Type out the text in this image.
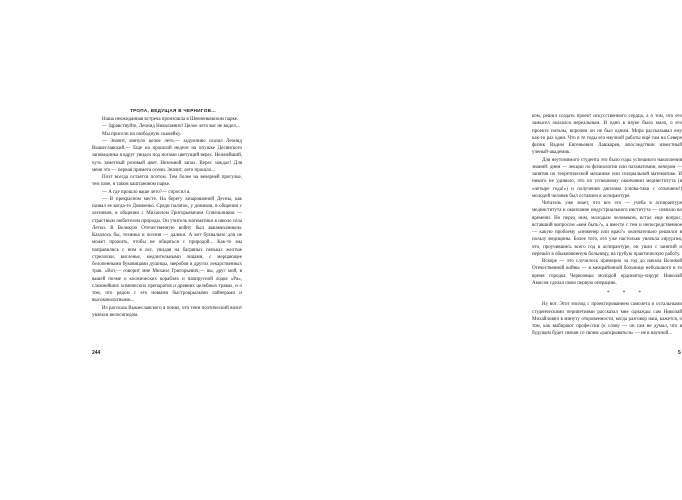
ТРОПА, ВЕДУЩАЯ В ЧЕРНИГОВ...

Наша неожиданная встреча произошла в Шевченковском парке.

— Здравствуйте, Леонид Николаевич! Целое лето вас не видел...

Мы присели на свободную скамейку.

— Значит, минуло целое лето,— задумчиво сказал Леонид Вышеславский.— Еще на прошлой неделе на опушке Десянского заповедника я вдруг увидел под ногами цветущий верес. Нежнейший, чуть заметный розовый цвет. Неземной запах. Верес заждал! Для меня это — первая примета осени. Значит, лето прошло...

Поэт всегда остается поэтом. Тем более на вечерней прогулке, тем паче, в таком каштановом парке.

— А где прошло ваше лето?— спросил я.

— В прекрасном месте. На берегу зачарованной Десны, как назвал ее когда-то Довженко. Среди палаток, у домиков, в общении с лесников, в общении с Михаилом Григорьевичем Спиельником — страстным любителем природы. Он учитель математики в школе села Летки. В Великую Отечественную войну был авиамехаником. Казалось бы, техника и поэзия — далеки. А вот буквально для не может прожить, чтобы не общаться с природой... Как-то мы направились с ним в лес, увидав на багряных пеньках желтые стрелочки, висленье, медлительными лицами, с мерцающее белопенными буковицами душицы, зверобоя и других лекарственных трав. «Вот,— говорит мне Михаил Григорьевич,— вы, друг мой, в вашей поэме о космических кораблях и папирусной лодке «Ра», сложнейших химических препаратов и древних целебных травах, и о том, что рядом с его новыми быстрокрылыми лайнерами и высоковольтными...

Из рассказа Вышеславского я понял, что тени поэтический визит увлекся велосипедом.

244

ком, решил создать проект искусственного сердца, а о том, что его замысел оказался нереальным. И одно в науке было мало, о его проекте пользы, впрочем он не был одним. Мира рассказывал ему как-то раз один. Что в те годы его научной работы ещё там на Севере физик Вадим Евгеньевич Лашкарев, впоследствии известный ученый-академик.

Для неутомимого студента это было годы успешного накопления знаний: днем — лекции по физиологии или патанатомии, вечером — занятия по теоретической механике или специальной математике. И никого не удивило, что по успешному окончании мединститута (я «четыре года!») и получения диплома (снова-таки с отличием!) молодой человек был оставлен в аспирантуре.

Читатель уже знает, что все это — учеба в аспирантуре мединститута и окончание индустриального института — совпало во времени. Но перед ним, молодым человеком, встал еще вопрос, вставший вопросом «кем быть?», а вместе с тем и непосредственное — какую проблему «инженер или врач?» окончательно решился в пользу медицины. Более того, его уже настолько увлекла хирургия, что, проучившись всего год в аспирантуре, он ушел с занятий и перешёл в обыкновенную больницу, на грубую практическую работу.

Вскоре — это случилось примерно за год до начала Великой Отечественной войны — в межрайонной больнице небольшого в то время городка Черкоовцы молодой ординатор-хирург Николай Амосов сделал свою первую операцию.

* * *

Ну вот. Этот эпизод с проектированием самолета и остальными студенческими перипетиями рассказал мне однажды сам Николай Михайлович в минуту откровенности, когда разговор наш, кажется, о том, как выбирают профессии (к слову — он сам не думал, что в будущем будет связан со своим «раскрываться» — не в научной...

5
